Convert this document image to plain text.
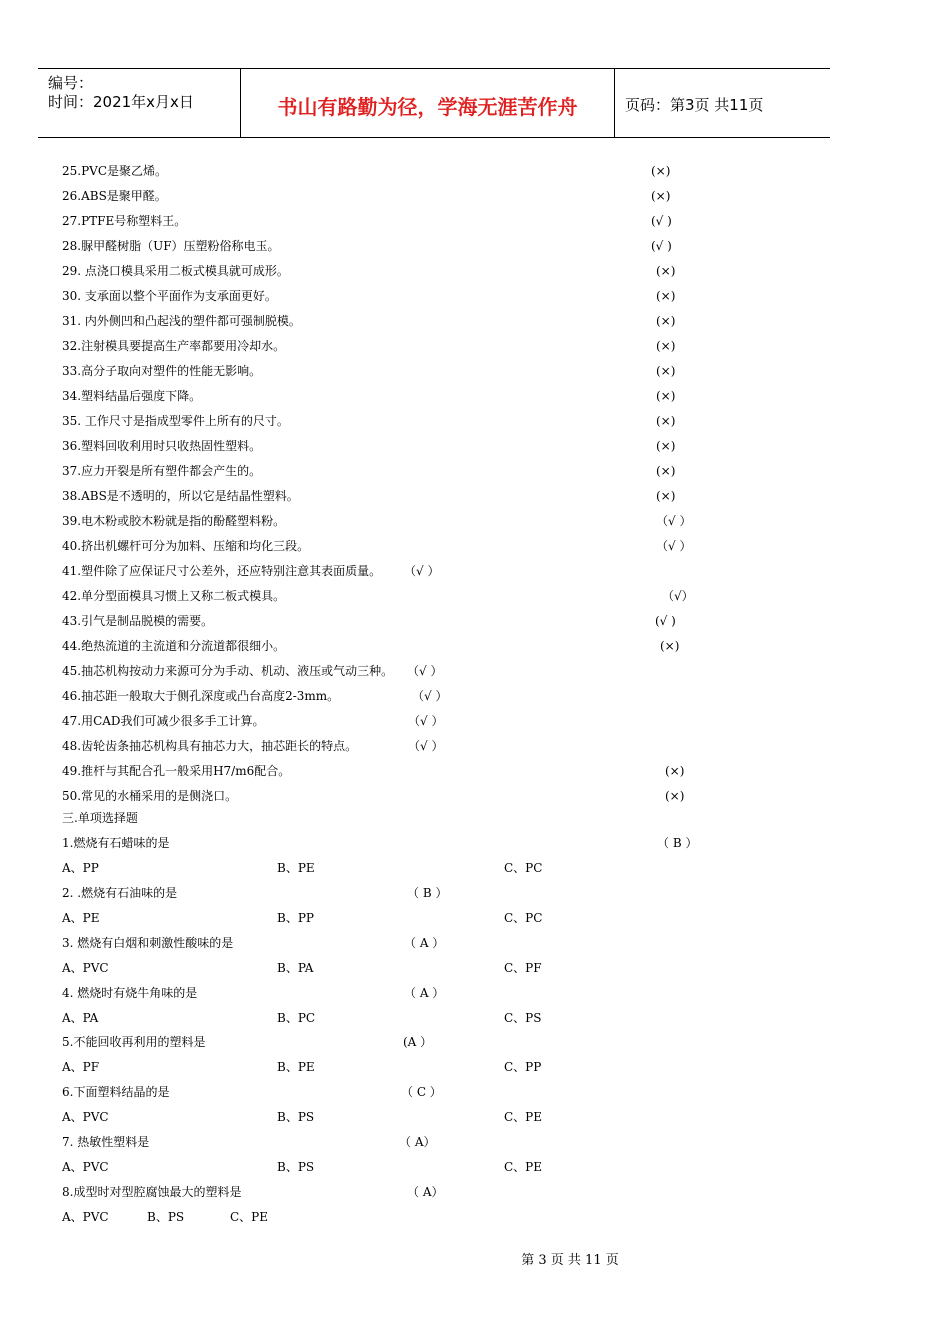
编号：
时间：2021年x月x日	书山有路勤为径，学海无涯苦作舟	页码：第3页 共11页
25.PVC是聚乙烯。	(×)
26.ABS是聚甲醛。	(×)
27.PTFE号称塑料王。	(√ )
28.脲甲醛树脂（UF）压塑粉俗称电玉。	(√ )
29. 点浇口模具采用二板式模具就可成形。	(×)
30. 支承面以整个平面作为支承面更好。	(×)
31. 内外侧凹和凸起浅的塑件都可强制脱模。	(×)
32.注射模具要提高生产率都要用冷却水。	(×)
33.高分子取向对塑件的性能无影响。	(×)
34.塑料结晶后强度下降。	(×)
35. 工作尺寸是指成型零件上所有的尺寸。	(×)
36.塑料回收利用时只收热固性塑料。	(×)
37.应力开裂是所有塑件都会产生的。	(×)
38.ABS是不透明的，所以它是结晶性塑料。	(×)
39.电木粉或胶木粉就是指的酚醛塑料粉。	（√ ）
40.挤出机螺杆可分为加料、压缩和均化三段。	（√ ）
41.塑件除了应保证尺寸公差外，还应特别注意其表面质量。 （√ ）
42.单分型面模具习惯上又称二板式模具。	（√）
43.引气是制品脱模的需要。	(√ )
44.绝热流道的主流道和分流道都很细小。	(×)
45.抽芯机构按动力来源可分为手动、机动、液压或气动三种。 （√ ）
46.抽芯距一般取大于侧孔深度或凸台高度2-3mm。	（√ ）
47.用CAD我们可减少很多手工计算。	（√ ）
48.齿轮齿条抽芯机构具有抽芯力大，抽芯距长的特点。	（√ ）
49.推杆与其配合孔一般采用H7/m6配合。	(×)
50.常见的水桶采用的是侧浇口。	(×)
三.单项选择题
1.燃烧有石蜡味的是	（ B ）
A、PP	B、PE	C、PC
2. .燃烧有石油味的是	（ B ）
A、PE	B、PP	C、PC
3. 燃烧有白烟和刺激性酸味的是	（ A ）
A、PVC	B、PA	C、PF
4. 燃烧时有烧牛角味的是	（ A ）
A、PA	B、PC	C、PS
5.不能回收再利用的塑料是	(A ）
A、PF	B、PE	C、PP
6.下面塑料结晶的是	（ C ）
A、PVC	B、PS	C、PE
7. 热敏性塑料是	（ A）
A、PVC	B、PS	C、PE
8.成型时对型腔腐蚀最大的塑料是	（ A）
A、PVC	B、PS	C、PE
第 3 页 共 11 页
